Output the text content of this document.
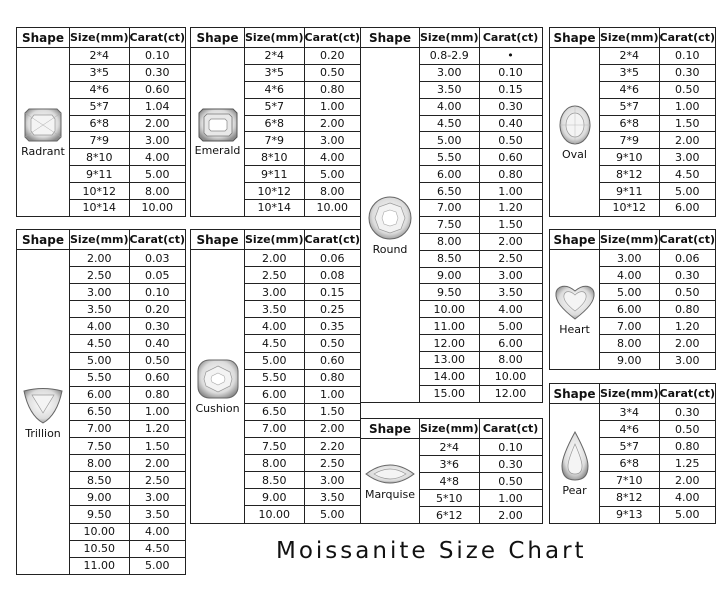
Shape	Size(mm)	Carat(ct)

Radrant	2*4	0.10
	3*5	0.30
	4*6	0.60
	5*7	1.04
	6*8	2.00
	7*9	3.00
	8*10	4.00
	9*11	5.00
	10*12	8.00
	10*14	10.00
Shape	Size(mm)	Carat(ct)

Emerald	2*4	0.20
	3*5	0.50
	4*6	0.80
	5*7	1.00
	6*8	2.00
	7*9	3.00
	8*10	4.00
	9*11	5.00
	10*12	8.00
	10*14	10.00
Shape	Size(mm)	Carat(ct)

Round	0.8-2.9	•
	3.00	0.10
	3.50	0.15
	4.00	0.30
	4.50	0.40
	5.00	0.50
	5.50	0.60
	6.00	0.80
	6.50	1.00
	7.00	1.20
	7.50	1.50
	8.00	2.00
	8.50	2.50
	9.00	3.00
	9.50	3.50
	10.00	4.00
	11.00	5.00
	12.00	6.00
	13.00	8.00
	14.00	10.00
	15.00	12.00
Shape	Size(mm)	Carat(ct)

Oval	2*4	0.10
	3*5	0.30
	4*6	0.50
	5*7	1.00
	6*8	1.50
	7*9	2.00
	9*10	3.00
	8*12	4.50
	9*11	5.00
	10*12	6.00
Shape	Size(mm)	Carat(ct)

Trillion	2.00	0.03
	2.50	0.05
	3.00	0.10
	3.50	0.20
	4.00	0.30
	4.50	0.40
	5.00	0.50
	5.50	0.60
	6.00	0.80
	6.50	1.00
	7.00	1.20
	7.50	1.50
	8.00	2.00
	8.50	2.50
	9.00	3.00
	9.50	3.50
	10.00	4.00
	10.50	4.50
	11.00	5.00
Shape	Size(mm)	Carat(ct)

Cushion	2.00	0.06
	2.50	0.08
	3.00	0.15
	3.50	0.25
	4.00	0.35
	4.50	0.50
	5.00	0.60
	5.50	0.80
	6.00	1.00
	6.50	1.50
	7.00	2.00
	7.50	2.20
	8.00	2.50
	8.50	3.00
	9.00	3.50
	10.00	5.00
Shape	Size(mm)	Carat(ct)

Heart	3.00	0.06
	4.00	0.30
	5.00	0.50
	6.00	0.80
	7.00	1.20
	8.00	2.00
	9.00	3.00
Shape	Size(mm)	Carat(ct)

Marquise	2*4	0.10
	3*6	0.30
	4*8	0.50
	5*10	1.00
	6*12	2.00
Shape	Size(mm)	Carat(ct)

Pear	3*4	0.30
	4*6	0.50
	5*7	0.80
	6*8	1.25
	7*10	2.00
	8*12	4.00
	9*13	5.00
Moissanite Size Chart
